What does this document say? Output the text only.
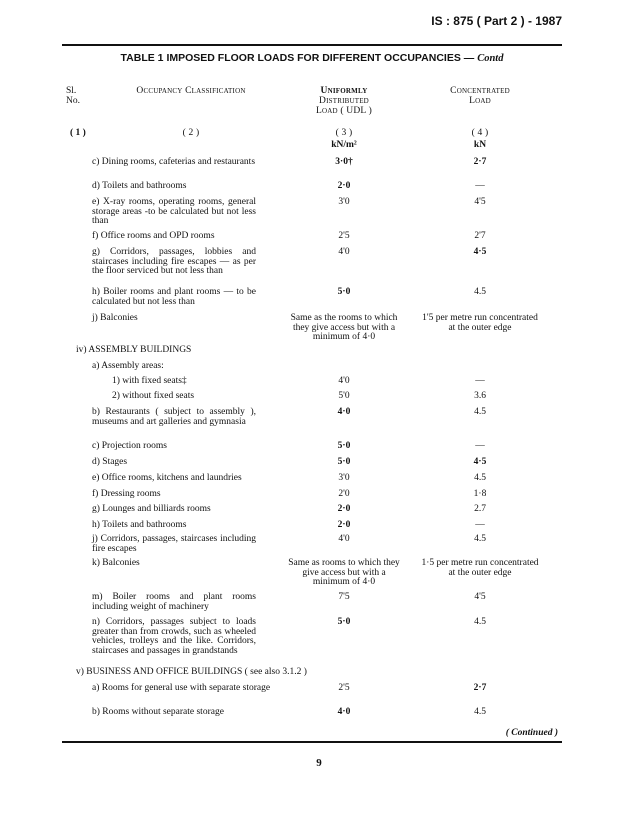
IS : 875 ( Part 2 ) - 1987
TABLE 1 IMPOSED FLOOR LOADS FOR DIFFERENT OCCUPANCIES — Contd
Sl.
No.
Occupancy Classification	Uniformly
Distributed
Load ( UDL )
Concentrated
Load
( 1 )	( 2 )	( 3 )	( 4 )
kN/m²	kN
c) Dining rooms, cafeterias and restaurants	3·0†	2·7
d) Toilets and bathrooms	2·0	—
e) X-ray rooms, operating rooms, general storage areas -to be calculated but not less than
3'0	4'5
f) Office rooms and OPD rooms	2'5	2'7
g) Corridors, passages, lobbies and staircases including fire escapes — as per the floor serviced but not less than
4'0	4·5
h) Boiler rooms and plant rooms — to be calculated but not less than
5·0	4.5
j) Balconies	Same as the rooms to which they give access but with a minimum of 4·0
1'5 per metre run concentrated at the outer edge
iv) ASSEMBLY BUILDINGS
a) Assembly areas:
1) with fixed seats‡	4'0	—
2) without fixed seats	5'0	3.6
b) Restaurants ( subject to assembly ), museums and art galleries and gymnasia
4·0	4.5
c) Projection rooms	5·0	—
d) Stages	5·0	4·5
e) Office rooms, kitchens and laundries	3'0	4.5
f) Dressing rooms	2'0	1·8
g) Lounges and billiards rooms	2·0	2.7
h) Toilets and bathrooms	2·0	—
j) Corridors, passages, staircases including fire escapes
4'0	4.5
k) Balconies	Same as rooms to which they give access but with a minimum of 4·0
1·5 per metre run concentrated at the outer edge
m) Boiler rooms and plant rooms including weight of machinery
7'5	4'5
n) Corridors, passages subject to loads greater than from crowds, such as wheeled vehicles, trolleys and the like. Corridors, staircases and passages in grandstands
5·0	4.5
v) BUSINESS AND OFFICE BUILDINGS ( see also 3.1.2 )
a) Rooms for general use with separate storage	2'5	2·7
b) Rooms without separate storage	4·0	4.5
( Continued )
9
